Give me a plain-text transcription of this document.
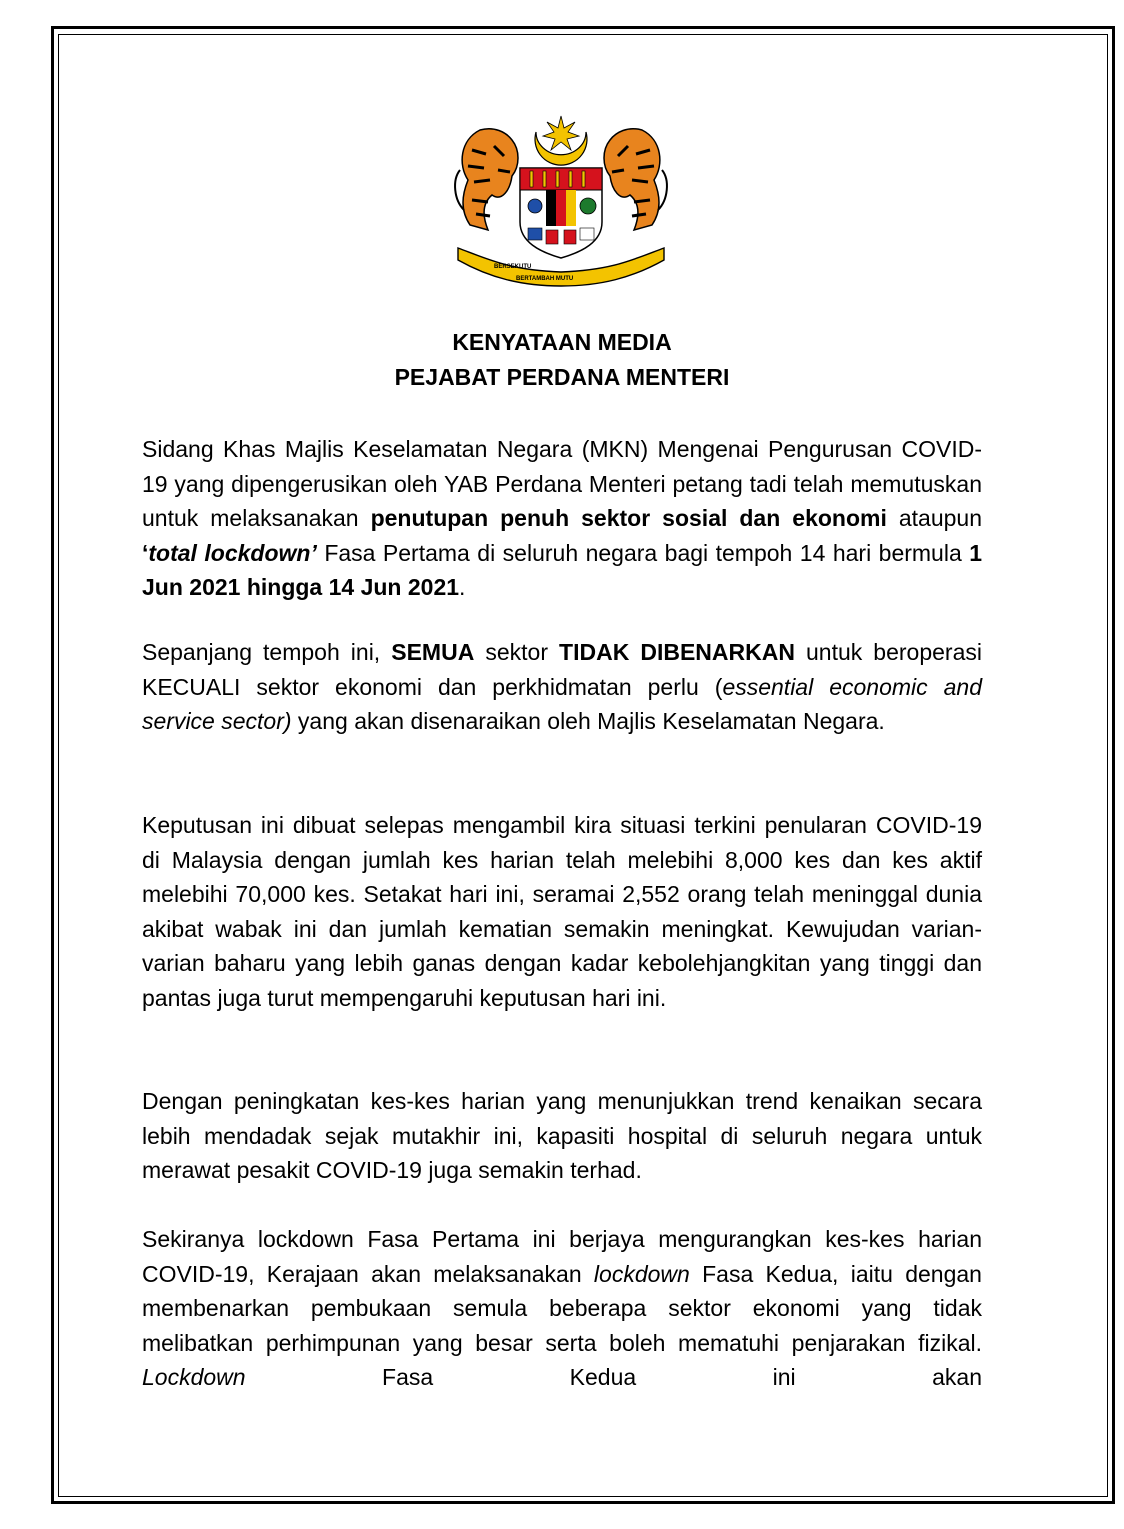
BERSEKUTU
BERTAMBAH MUTU
KENYATAAN MEDIA
PEJABAT PERDANA MENTERI

Sidang Khas Majlis Keselamatan Negara (MKN) Mengenai Pengurusan COVID-19 yang dipengerusikan oleh YAB Perdana Menteri petang tadi telah memutuskan untuk melaksanakan penutupan penuh sektor sosial dan ekonomi ataupun ‘total lockdown’ Fasa Pertama di seluruh negara bagi tempoh 14 hari bermula 1 Jun 2021 hingga 14 Jun 2021.

Sepanjang tempoh ini, SEMUA sektor TIDAK DIBENARKAN untuk beroperasi KECUALI sektor ekonomi dan perkhidmatan perlu (essential economic and service sector) yang akan disenaraikan oleh Majlis Keselamatan Negara.

Keputusan ini dibuat selepas mengambil kira situasi terkini penularan COVID-19 di Malaysia dengan jumlah kes harian telah melebihi 8,000 kes dan kes aktif melebihi 70,000 kes. Setakat hari ini, seramai 2,552 orang telah meninggal dunia akibat wabak ini dan jumlah kematian semakin meningkat. Kewujudan varian-varian baharu yang lebih ganas dengan kadar kebolehjangkitan yang tinggi dan pantas juga turut mempengaruhi keputusan hari ini.

Dengan peningkatan kes-kes harian yang menunjukkan trend kenaikan secara lebih mendadak sejak mutakhir ini, kapasiti hospital di seluruh negara untuk merawat pesakit COVID-19 juga semakin terhad.

Sekiranya lockdown Fasa Pertama ini berjaya mengurangkan kes-kes harian COVID-19, Kerajaan akan melaksanakan lockdown Fasa Kedua, iaitu dengan membenarkan pembukaan semula beberapa sektor ekonomi yang tidak melibatkan perhimpunan yang besar serta boleh mematuhi penjarakan fizikal. Lockdown Fasa Kedua ini akan
